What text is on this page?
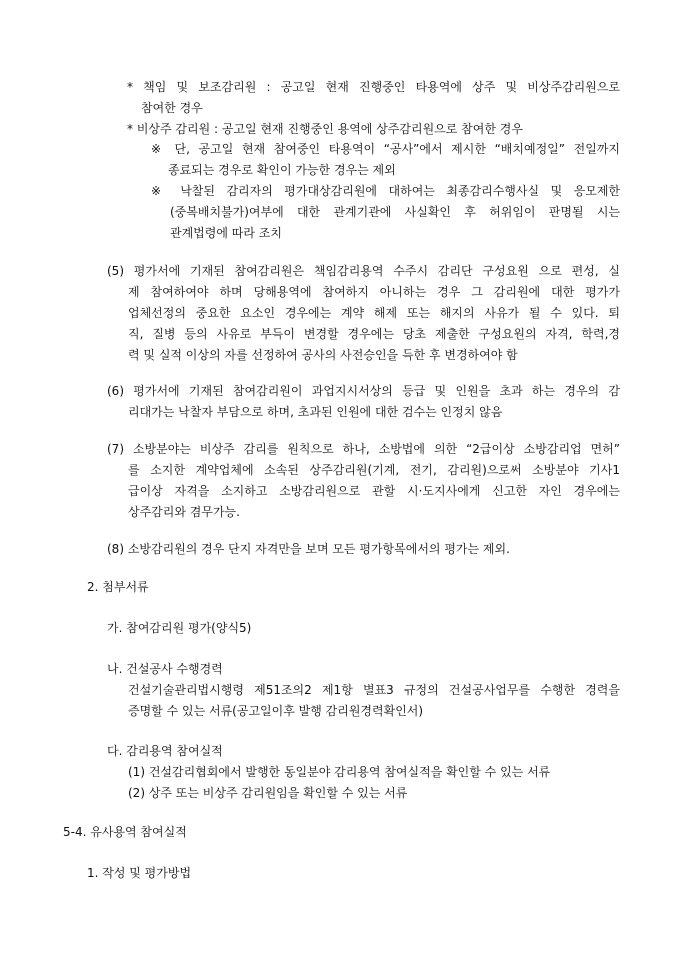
* 책임 및 보조감리원 : 공고일 현재 진행중인 타용역에 상주 및 비상주감리원으로
참여한 경우
* 비상주 감리원 : 공고일 현재 진행중인 용역에 상주감리원으로 참여한 경우
※ 단, 공고일 현재 참여중인 타용역이 “공사”에서 제시한 “배치예정일” 전일까지
종료되는 경우로 확인이 가능한 경우는 제외
※ 낙찰된 감리자의 평가대상감리원에 대하여는 최종감리수행사실 및 응모제한
(중복배치불가)여부에 대한 관계기관에 사실확인 후 허위임이 판명될 시는
관계법령에 따라 조치
(5) 평가서에 기재된 참여감리원은 책임감리용역 수주시 감리단 구성요원 으로 편성, 실
제 참여하여야 하며 당해용역에 참여하지 아니하는 경우 그 감리원에 대한 평가가
업체선정의 중요한 요소인 경우에는 계약 해제 또는 해지의 사유가 될 수 있다. 퇴
직, 질병 등의 사유로 부득이 변경할 경우에는 당초 제출한 구성요원의 자격, 학력,경
력 및 실적 이상의 자를 선정하여 공사의 사전승인을 득한 후 변경하여야 함
(6) 평가서에 기재된 참여감리원이 과업지시서상의 등급 및 인원을 초과 하는 경우의 감
리대가는 낙찰자 부담으로 하며, 초과된 인원에 대한 검수는 인정치 않음
(7) 소방분야는 비상주 감리를 원칙으로 하나, 소방법에 의한 “2급이상 소방감리업 면허”
를 소지한 계약업체에 소속된 상주감리원(기계, 전기, 감리원)으로써 소방분야 기사1
급이상 자격을 소지하고 소방감리원으로 관할 시·도지사에게 신고한 자인 경우에는
상주감리와 겸무가능.
(8) 소방감리원의 경우 단지 자격만을 보며 모든 평가항목에서의 평가는 제외.
2. 첨부서류
가. 참여감리원 평가(양식5)
나. 건설공사 수행경력
건설기술관리법시행령 제51조의2 제1항 별표3 규정의 건설공사업무를 수행한 경력을
증명할 수 있는 서류(공고일이후 발행 감리원경력확인서)
다. 감리용역 참여실적
(1) 건설감리협회에서 발행한 동일분야 감리용역 참여실적을 확인할 수 있는 서류
(2) 상주 또는 비상주 감리원임을 확인할 수 있는 서류
5-4. 유사용역 참여실적
1. 작성 및 평가방법
